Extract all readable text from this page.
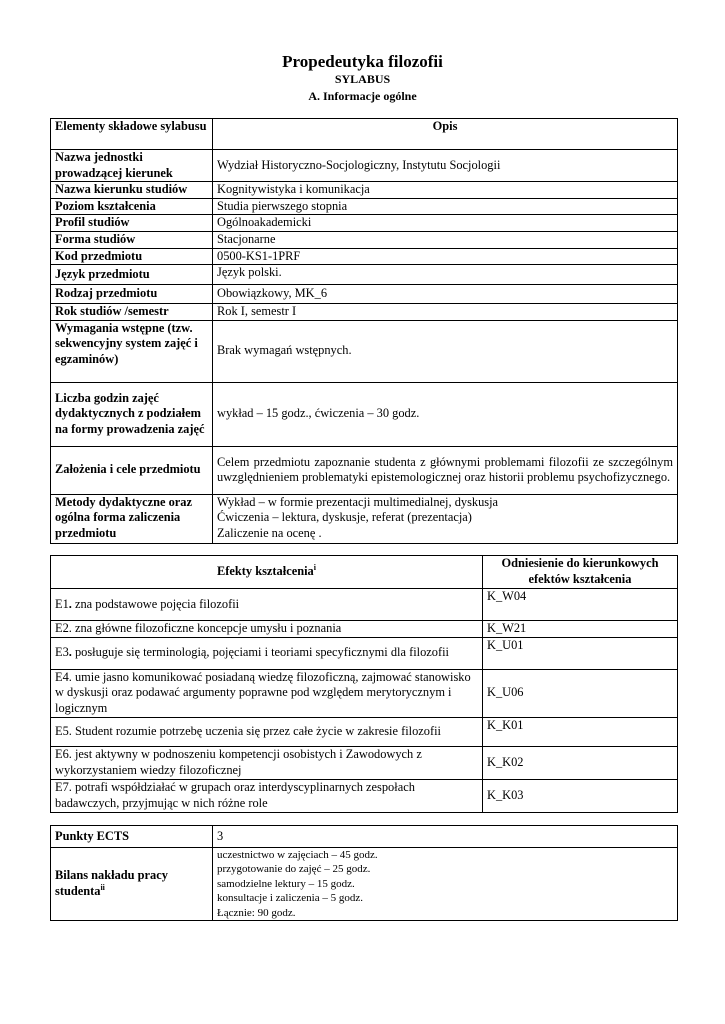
Propedeutyka filozofii
SYLABUS
A. Informacje ogólne
Elementy składowe sylabusu	Opis
Nazwa jednostki prowadzącej kierunek	Wydział Historyczno-Socjologiczny, Instytutu Socjologii
Nazwa kierunku studiów	Kognitywistyka i komunikacja
Poziom kształcenia	Studia pierwszego stopnia
Profil studiów	Ogólnoakademicki
Forma studiów	Stacjonarne
Kod przedmiotu	0500-KS1-1PRF
Język przedmiotu	Język polski.
Rodzaj przedmiotu	Obowiązkowy, MK_6
Rok studiów /semestr	Rok I, semestr I
Wymagania wstępne (tzw. sekwencyjny system zajęć i egzaminów)	Brak wymagań wstępnych.
Liczba godzin zajęć dydaktycznych z podziałem na formy prowadzenia zajęć	wykład – 15 godz., ćwiczenia – 30 godz.
Założenia i cele przedmiotu	Celem przedmiotu zapoznanie studenta z głównymi problemami filozofii ze szczególnym uwzględnieniem problematyki epistemologicznej oraz historii problemu psychofizycznego.
Metody dydaktyczne oraz ogólna forma zaliczenia przedmiotu	Wykład – w formie prezentacji multimedialnej, dyskusja
Ćwiczenia – lektura, dyskusje, referat (prezentacja)
Zaliczenie na ocenę .
Efekty kształcenia$^i$	Odniesienie do kierunkowych efektów kształcenia
E1. zna podstawowe pojęcia filozofii	K_W04
E2. zna główne filozoficzne koncepcje umysłu i poznania	K_W21
E3. posługuje się terminologią, pojęciami i teoriami specyficznymi dla filozofii	K_U01
E4. umie jasno komunikować posiadaną wiedzę filozoficzną, zajmować stanowisko w dyskusji oraz podawać argumenty poprawne pod względem merytorycznym i logicznym	K_U06
E5. Student rozumie potrzebę uczenia się przez całe życie w zakresie filozofii	K_K01
E6. jest aktywny w podnoszeniu kompetencji osobistych i Zawodowych z wykorzystaniem wiedzy filozoficznej	K_K02
E7. potrafi współdziałać w grupach oraz interdyscyplinarnych zespołach badawczych, przyjmując w nich różne role	K_K03
Punkty ECTS	3
Bilans nakładu pracy studenta$^{ii}$	uczestnictwo w zajęciach – 45 godz.
przygotowanie do zajęć – 25 godz.
samodzielne lektury – 15 godz.
konsultacje i zaliczenia – 5 godz.
Łącznie: 90 godz.
